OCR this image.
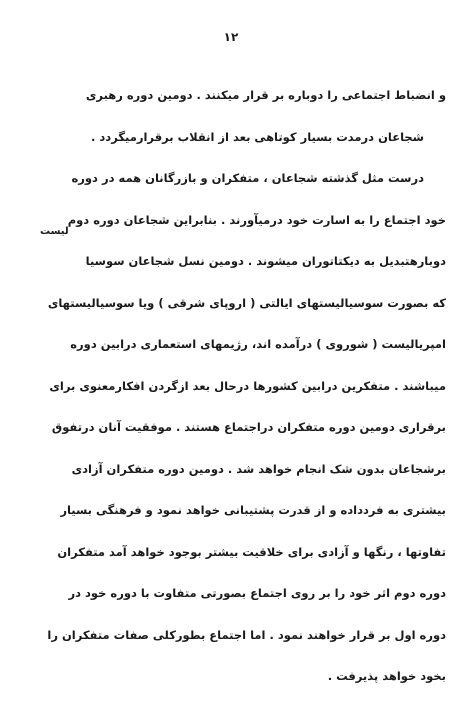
١٢
لیست
و انضباط اجتماعی را دوباره بر قرار میکنند . دومین دوره رهبری
شجاعان درمدت بسیار کوتاهی بعد از انقلاب برقرارمیگردد .
درست مثل گذشته شجاعان ، متفکران و بازرگانان همه در دوره
خود اجتماع را به اسارت خود درمیآورند . بنابراین شجاعان دوره دوم
دوبارهتبدیل به دیکتاتوران میشوند . دومین نسل شجاعان سوسیا
که بصورت سوسیالیستهای ایالتی ( اروپای شرقی ) ویا سوسیالیستهای
امپریالیست ( شوروی ) درآمده اند، رژیمهای استعماری درابین دوره
میباشند . متفکرین درابین کشورها درحال بعد ازگردن افکارمعنوی برای
برقراری دومین دوره متفکران دراجتماع هستند . موفقیت آنان درتفوق
برشجاعان بدون شک انجام خواهد شد . دومین دوره متفکران آزادی
بیشتری به فردداده و از قدرت پشتیبانی خواهد نمود و فرهنگی بسیار
تفاوتها ، رنگها و آزادی برای خلاقیت بیشتر بوجود خواهد آمد متفکران
دوره دوم اثر خود را بر روی اجتماع بصورتی متفاوت با دوره خود در
دوره اول بر قرار خواهند نمود . اما اجتماع بطورکلی صفات متفکران را
بخود خواهد پذیرفت .
